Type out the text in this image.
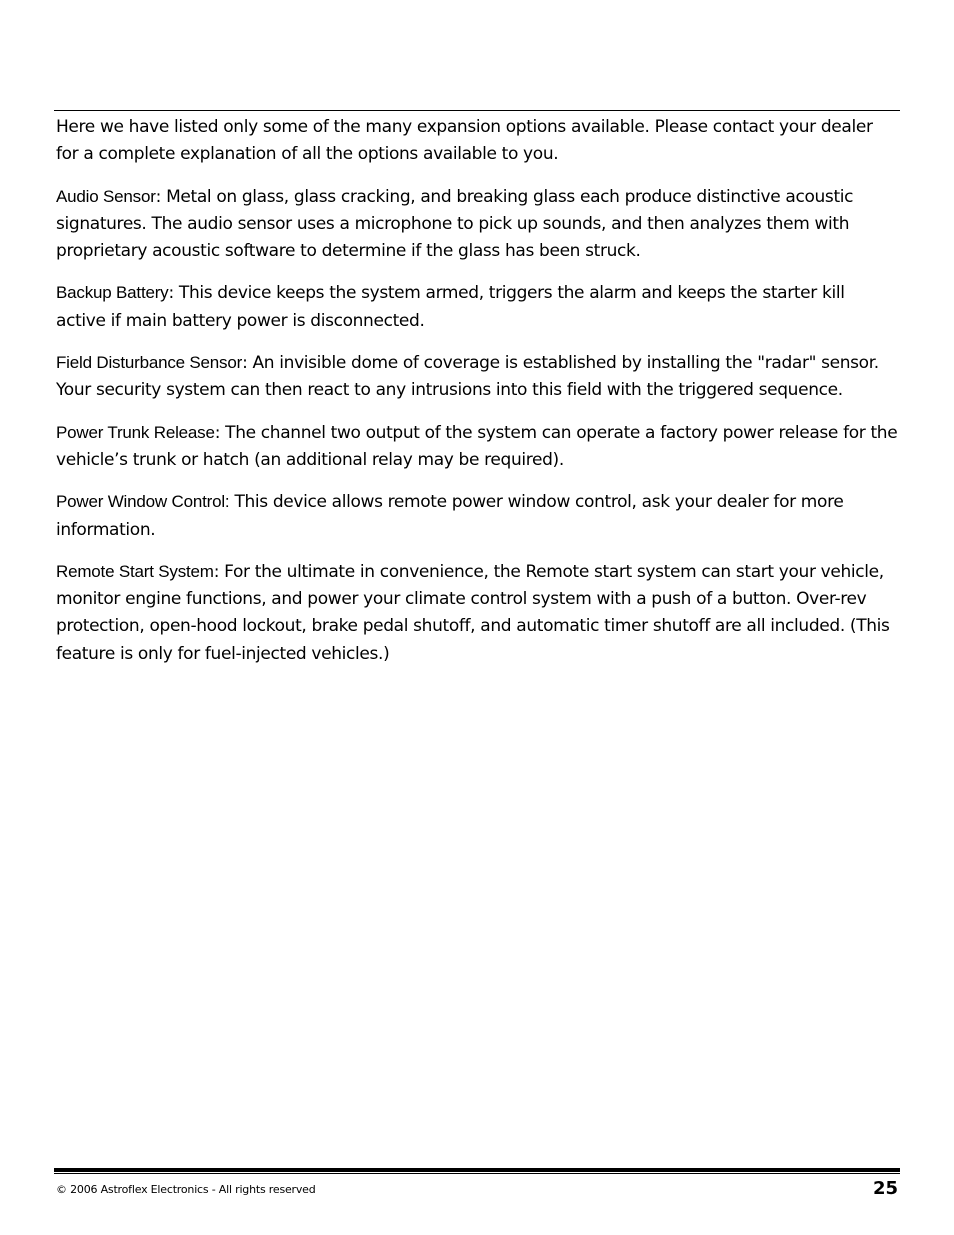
Here we have listed only some of the many expansion options available. Please contact your dealer for a complete explanation of all the options available to you.

Audio Sensor: Metal on glass, glass cracking, and breaking glass each produce distinctive acoustic signatures. The audio sensor uses a microphone to pick up sounds, and then analyzes them with proprietary acoustic software to determine if the glass has been struck.

Backup Battery: This device keeps the system armed, triggers the alarm and keeps the starter kill active if main battery power is disconnected.

Field Disturbance Sensor: An invisible dome of coverage is established by installing the "radar" sensor. Your security system can then react to any intrusions into this field with the triggered sequence.

Power Trunk Release: The channel two output of the system can operate a factory power release for the vehicle’s trunk or hatch (an additional relay may be required).

Power Window Control: This device allows remote power window control, ask your dealer for more information.

Remote Start System: For the ultimate in convenience, the Remote start system can start your vehicle, monitor engine functions, and power your climate control system with a push of a button. Over-rev protection, open-hood lockout, brake pedal shutoff, and automatic timer shutoff are all included. (This feature is only for fuel-injected vehicles.)

© 2006 Astroflex Electronics - All rights reserved	25
